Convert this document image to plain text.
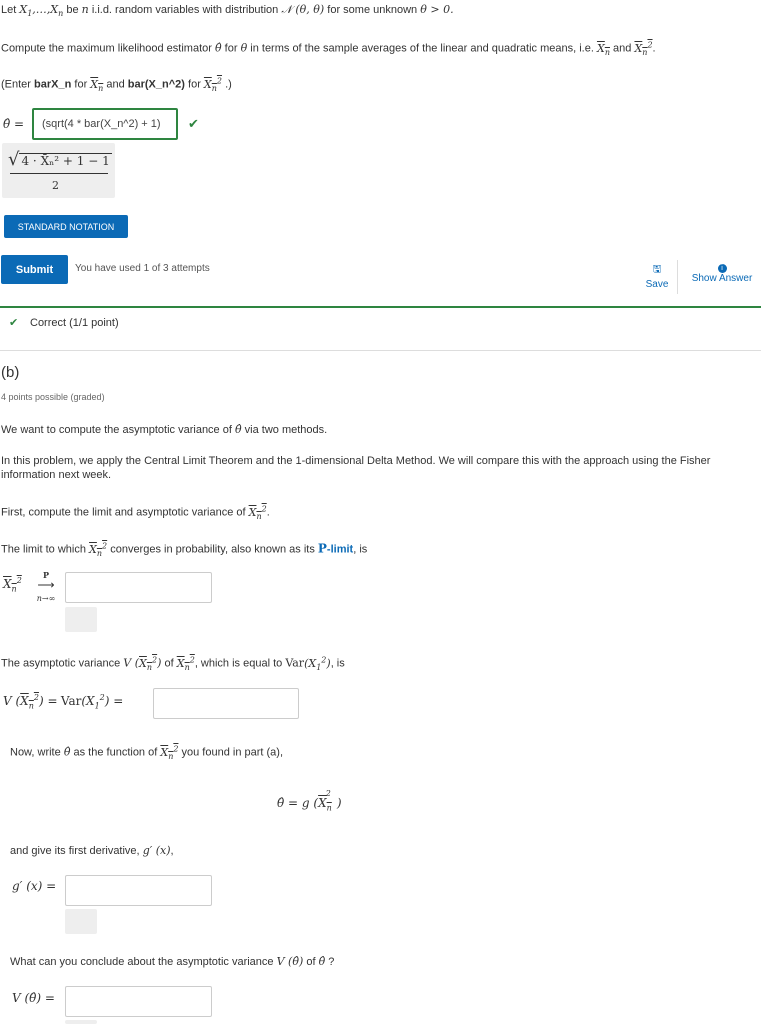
Let $X_1,\dots,X_n$ be n i.i.d. random variables with distribution 𝒩 (θ, θ) for some unknown θ > 0.
Compute the maximum likelihood estimator θ̂ for θ in terms of the sample averages of the linear and quadratic means, i.e. $X_n$ and $X_n^2$.
(Enter barX_n for $X_n$ and bar(X_n^2) for $X_n^2$ .)
θ̂ = (sqrt(4 * bar(X_n^2) + 1) ✔
√ 4 · X̄ₙ² + 1 − 1
2
STANDARD NOTATION
Submit	You have used 1 of 3 attempts	🖫
Save
i
Show Answer
✔ Correct (1/1 point)
(b)
4 points possible (graded)
We want to compute the asymptotic variance of θ̂ via two methods.
In this problem, we apply the Central Limit Theorem and the 1-dimensional Delta Method. We will compare this with the approach using the Fisher information next week.
First, compute the limit and asymptotic variance of $X_n^2$.
The limit to which $X_n^2$ converges in probability, also known as its P-limit, is
$X_n^2$
P
⟶
n→∞
The asymptotic variance V $(X_n^2)$ of $X_n^2$, which is equal to $Var(X_1^2)$, is
V $(X_n^2) = Var(X_1^2)$ =
Now, write θ̂ as the function of $X_n^2$ you found in part (a),
θ̂ = g $(X_n^2)$
and give its first derivative, g′ (x),
g′ (x) =
What can you conclude about the asymptotic variance V (θ̂) of θ̂ ?
V (θ̂) =
